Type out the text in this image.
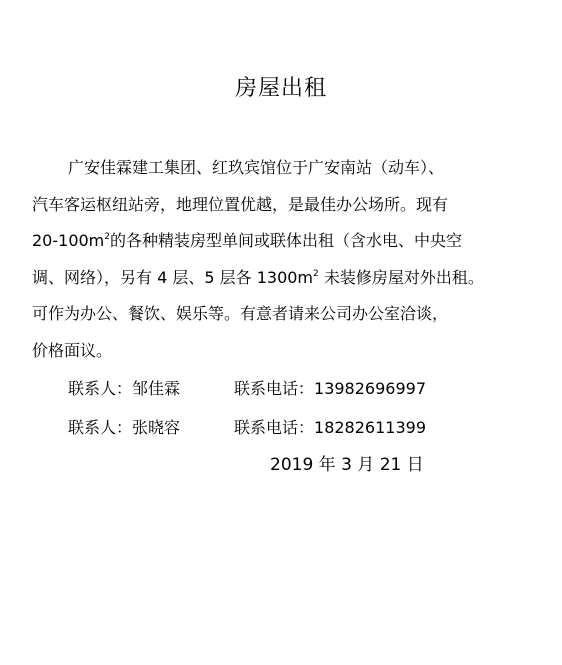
房屋出租
广安佳霖建工集团、红玖宾馆位于广安南站（动车）、
汽车客运枢纽站旁，地理位置优越，是最佳办公场所。现有
$20-100m^2$的各种精装房型单间或联体出租（含水电、中央空
调、网络），另有 4 层、5 层各 $1300m^2$ 未装修房屋对外出租。
可作为办公、餐饮、娱乐等。有意者请来公司办公室洽谈，
价格面议。
联系人：邹佳霖	联系电话：13982696997
联系人：张晓容	联系电话：18282611399
2019 年 3 月 21 日
